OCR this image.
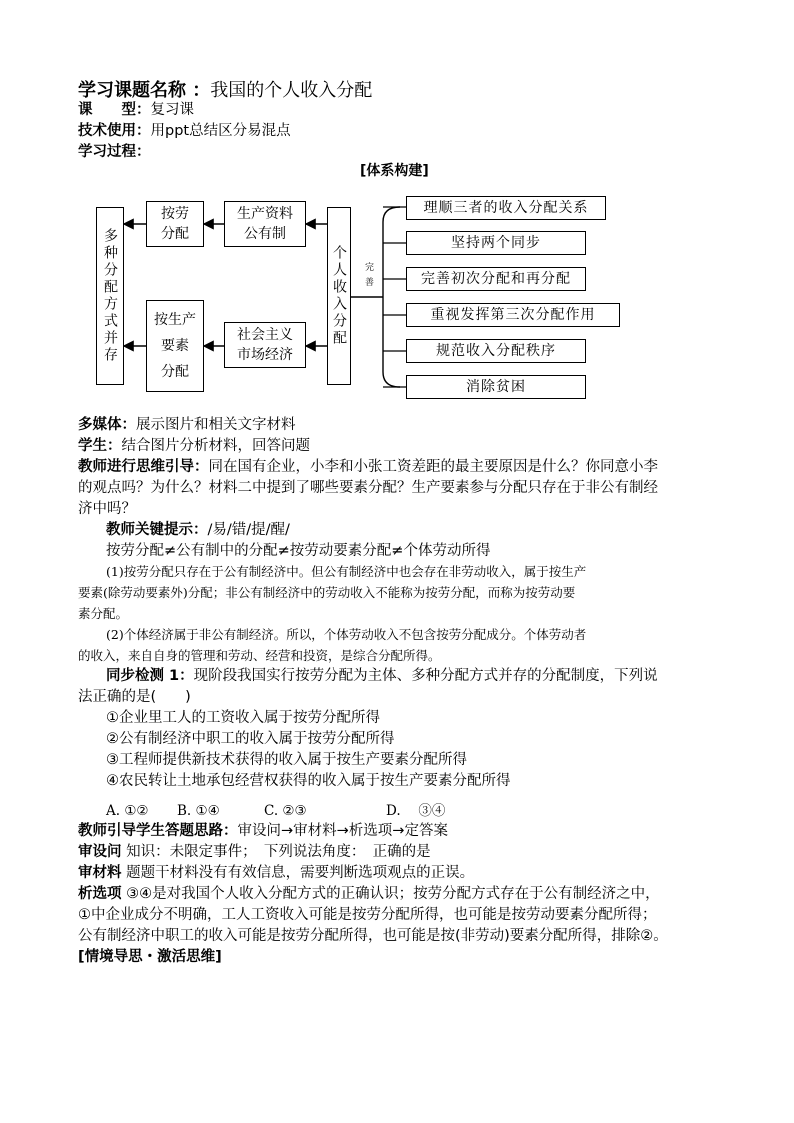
学习课题名称 ：我国的个人收入分配
课　　型：复习课
技术使用：用ppt总结区分易混点
学习过程：
[体系构建]
多种分配方式并存
按劳
分配
生产资料
公有制
按生产
要素
分配
社会主义
市场经济
个人收入分配	完善
理顺三者的收入分配关系
坚持两个同步
完善初次分配和再分配
重视发挥第三次分配作用
规范收入分配秩序
消除贫困
多媒体：展示图片和相关文字材料
学生：结合图片分析材料，回答问题
教师进行思维引导：同在国有企业，小李和小张工资差距的最主要原因是什么？你同意小李
的观点吗？为什么？材料二中提到了哪些要素分配？生产要素参与分配只存在于非公有制经
济中吗？
教师关键提示：/易/错/提/醒/
按劳分配≠公有制中的分配≠按劳动要素分配≠个体劳动所得
(1)按劳分配只存在于公有制经济中。但公有制经济中也会存在非劳动收入，属于按生产
要素(除劳动要素外)分配；非公有制经济中的劳动收入不能称为按劳分配，而称为按劳动要
素分配。
(2)个体经济属于非公有制经济。所以，个体劳动收入不包含按劳分配成分。个体劳动者
的收入，来自自身的管理和劳动、经营和投资，是综合分配所得。
同步检测 1：现阶段我国实行按劳分配为主体、多种分配方式并存的分配制度，下列说
法正确的是(　　)
①企业里工人的工资收入属于按劳分配所得
②公有制经济中职工的收入属于按劳分配所得
③工程师提供新技术获得的收入属于按生产要素分配所得
④农民转让土地承包经营权获得的收入属于按生产要素分配所得
A. ①② B. ①④	C. ②③	D.　 ③④
教师引导学生答题思路：审设问→审材料→析选项→定答案
审设问 知识：未限定事件；　下列说法角度：　正确的是
审材料 题题干材料没有有效信息，需要判断选项观点的正误。
析选项 ③④是对我国个人收入分配方式的正确认识；按劳分配方式存在于公有制经济之中，
①中企业成分不明确，工人工资收入可能是按劳分配所得，也可能是按劳动要素分配所得；
公有制经济中职工的收入可能是按劳分配所得，也可能是按(非劳动)要素分配所得，排除②。
[情境导思・激活思维]
